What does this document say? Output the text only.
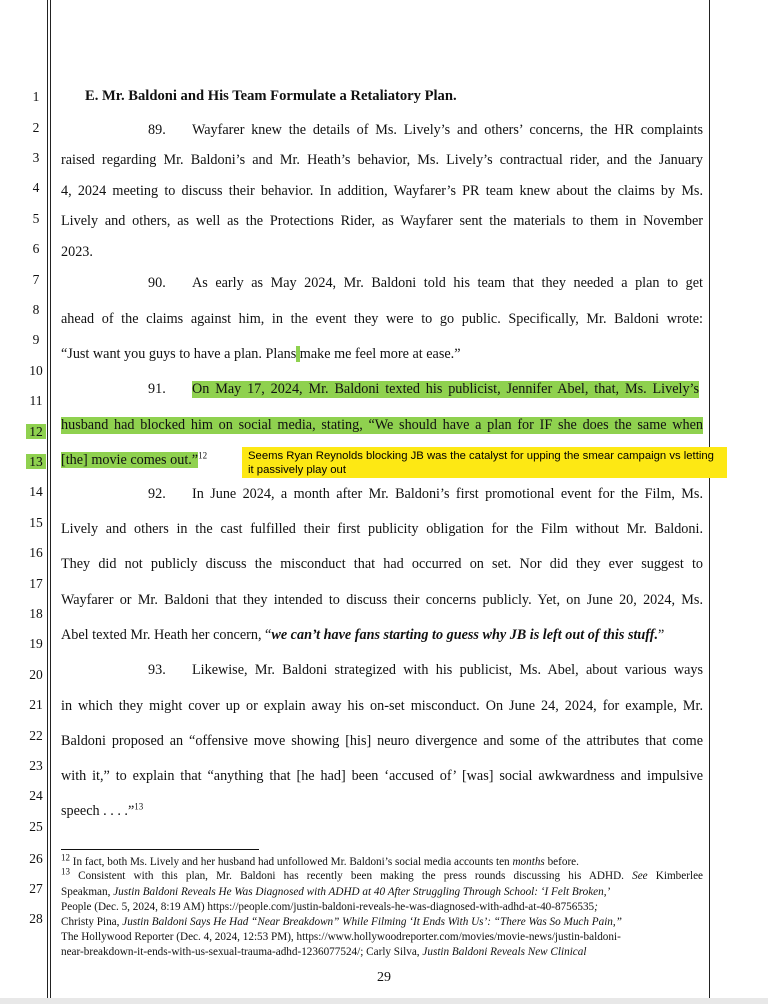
1
2
3
4
5
6
7
8
9
10
11
12
13
14
15
16
17
18
19
20
21
22
23
24
25
26
27
28
E. Mr. Baldoni and His Team Formulate a Retaliatory Plan.
89. Wayfarer knew the details of Ms. Lively’s and others’ concerns, the HR complaints
raised regarding Mr. Baldoni’s and Mr. Heath’s behavior, Ms. Lively’s contractual rider, and the January
4, 2024 meeting to discuss their behavior. In addition, Wayfarer’s PR team knew about the claims by Ms.
Lively and others, as well as the Protections Rider, as Wayfarer sent the materials to them in November
2023.
90. As early as May 2024, Mr. Baldoni told his team that they needed a plan to get
ahead of the claims against him, in the event they were to go public. Specifically, Mr. Baldoni wrote:
“Just want you guys to have a plan. Plans make me feel more at ease.”
91. On May 17, 2024, Mr. Baldoni texted his publicist, Jennifer Abel, that, Ms. Lively’s
husband had blocked him on social media, stating, “We should have a plan for IF she does the same when
[the] movie comes out.”$^{12}$	Seems Ryan Reynolds blocking JB was the catalyst for upping the smear campaign vs letting it passively play out
92. In June 2024, a month after Mr. Baldoni’s first promotional event for the Film, Ms.
Lively and others in the cast fulfilled their first publicity obligation for the Film without Mr. Baldoni.
They did not publicly discuss the misconduct that had occurred on set. Nor did they ever suggest to
Wayfarer or Mr. Baldoni that they intended to discuss their concerns publicly. Yet, on June 20, 2024, Ms.
Abel texted Mr. Heath her concern, “we can’t have fans starting to guess why JB is left out of this stuff.”
93. Likewise, Mr. Baldoni strategized with his publicist, Ms. Abel, about various ways
in which they might cover up or explain away his on-set misconduct. On June 24, 2024, for example, Mr.
Baldoni proposed an “offensive move showing [his] neuro divergence and some of the attributes that come
with it,” to explain that “anything that [he had] been ‘accused of’ [was] social awkwardness and impulsive
speech . . . .”$^{13}$
$^{12}$ In fact, both Ms. Lively and her husband had unfollowed Mr. Baldoni’s social media accounts ten months before.
$^{13}$ Consistent with this plan, Mr. Baldoni has recently been making the press rounds discussing his ADHD. See Kimberlee
Speakman, Justin Baldoni Reveals He Was Diagnosed with ADHD at 40 After Struggling Through School: ‘I Felt Broken,’
People (Dec. 5, 2024, 8:19 AM) https://people.com/justin-baldoni-reveals-he-was-diagnosed-with-adhd-at-40-8756535;
Christy Pina, Justin Baldoni Says He Had “Near Breakdown” While Filming ‘It Ends With Us’: “There Was So Much Pain,”
The Hollywood Reporter (Dec. 4, 2024, 12:53 PM), https://www.hollywoodreporter.com/movies/movie-news/justin-baldoni-
near-breakdown-it-ends-with-us-sexual-trauma-adhd-1236077524/; Carly Silva, Justin Baldoni Reveals New Clinical
29
